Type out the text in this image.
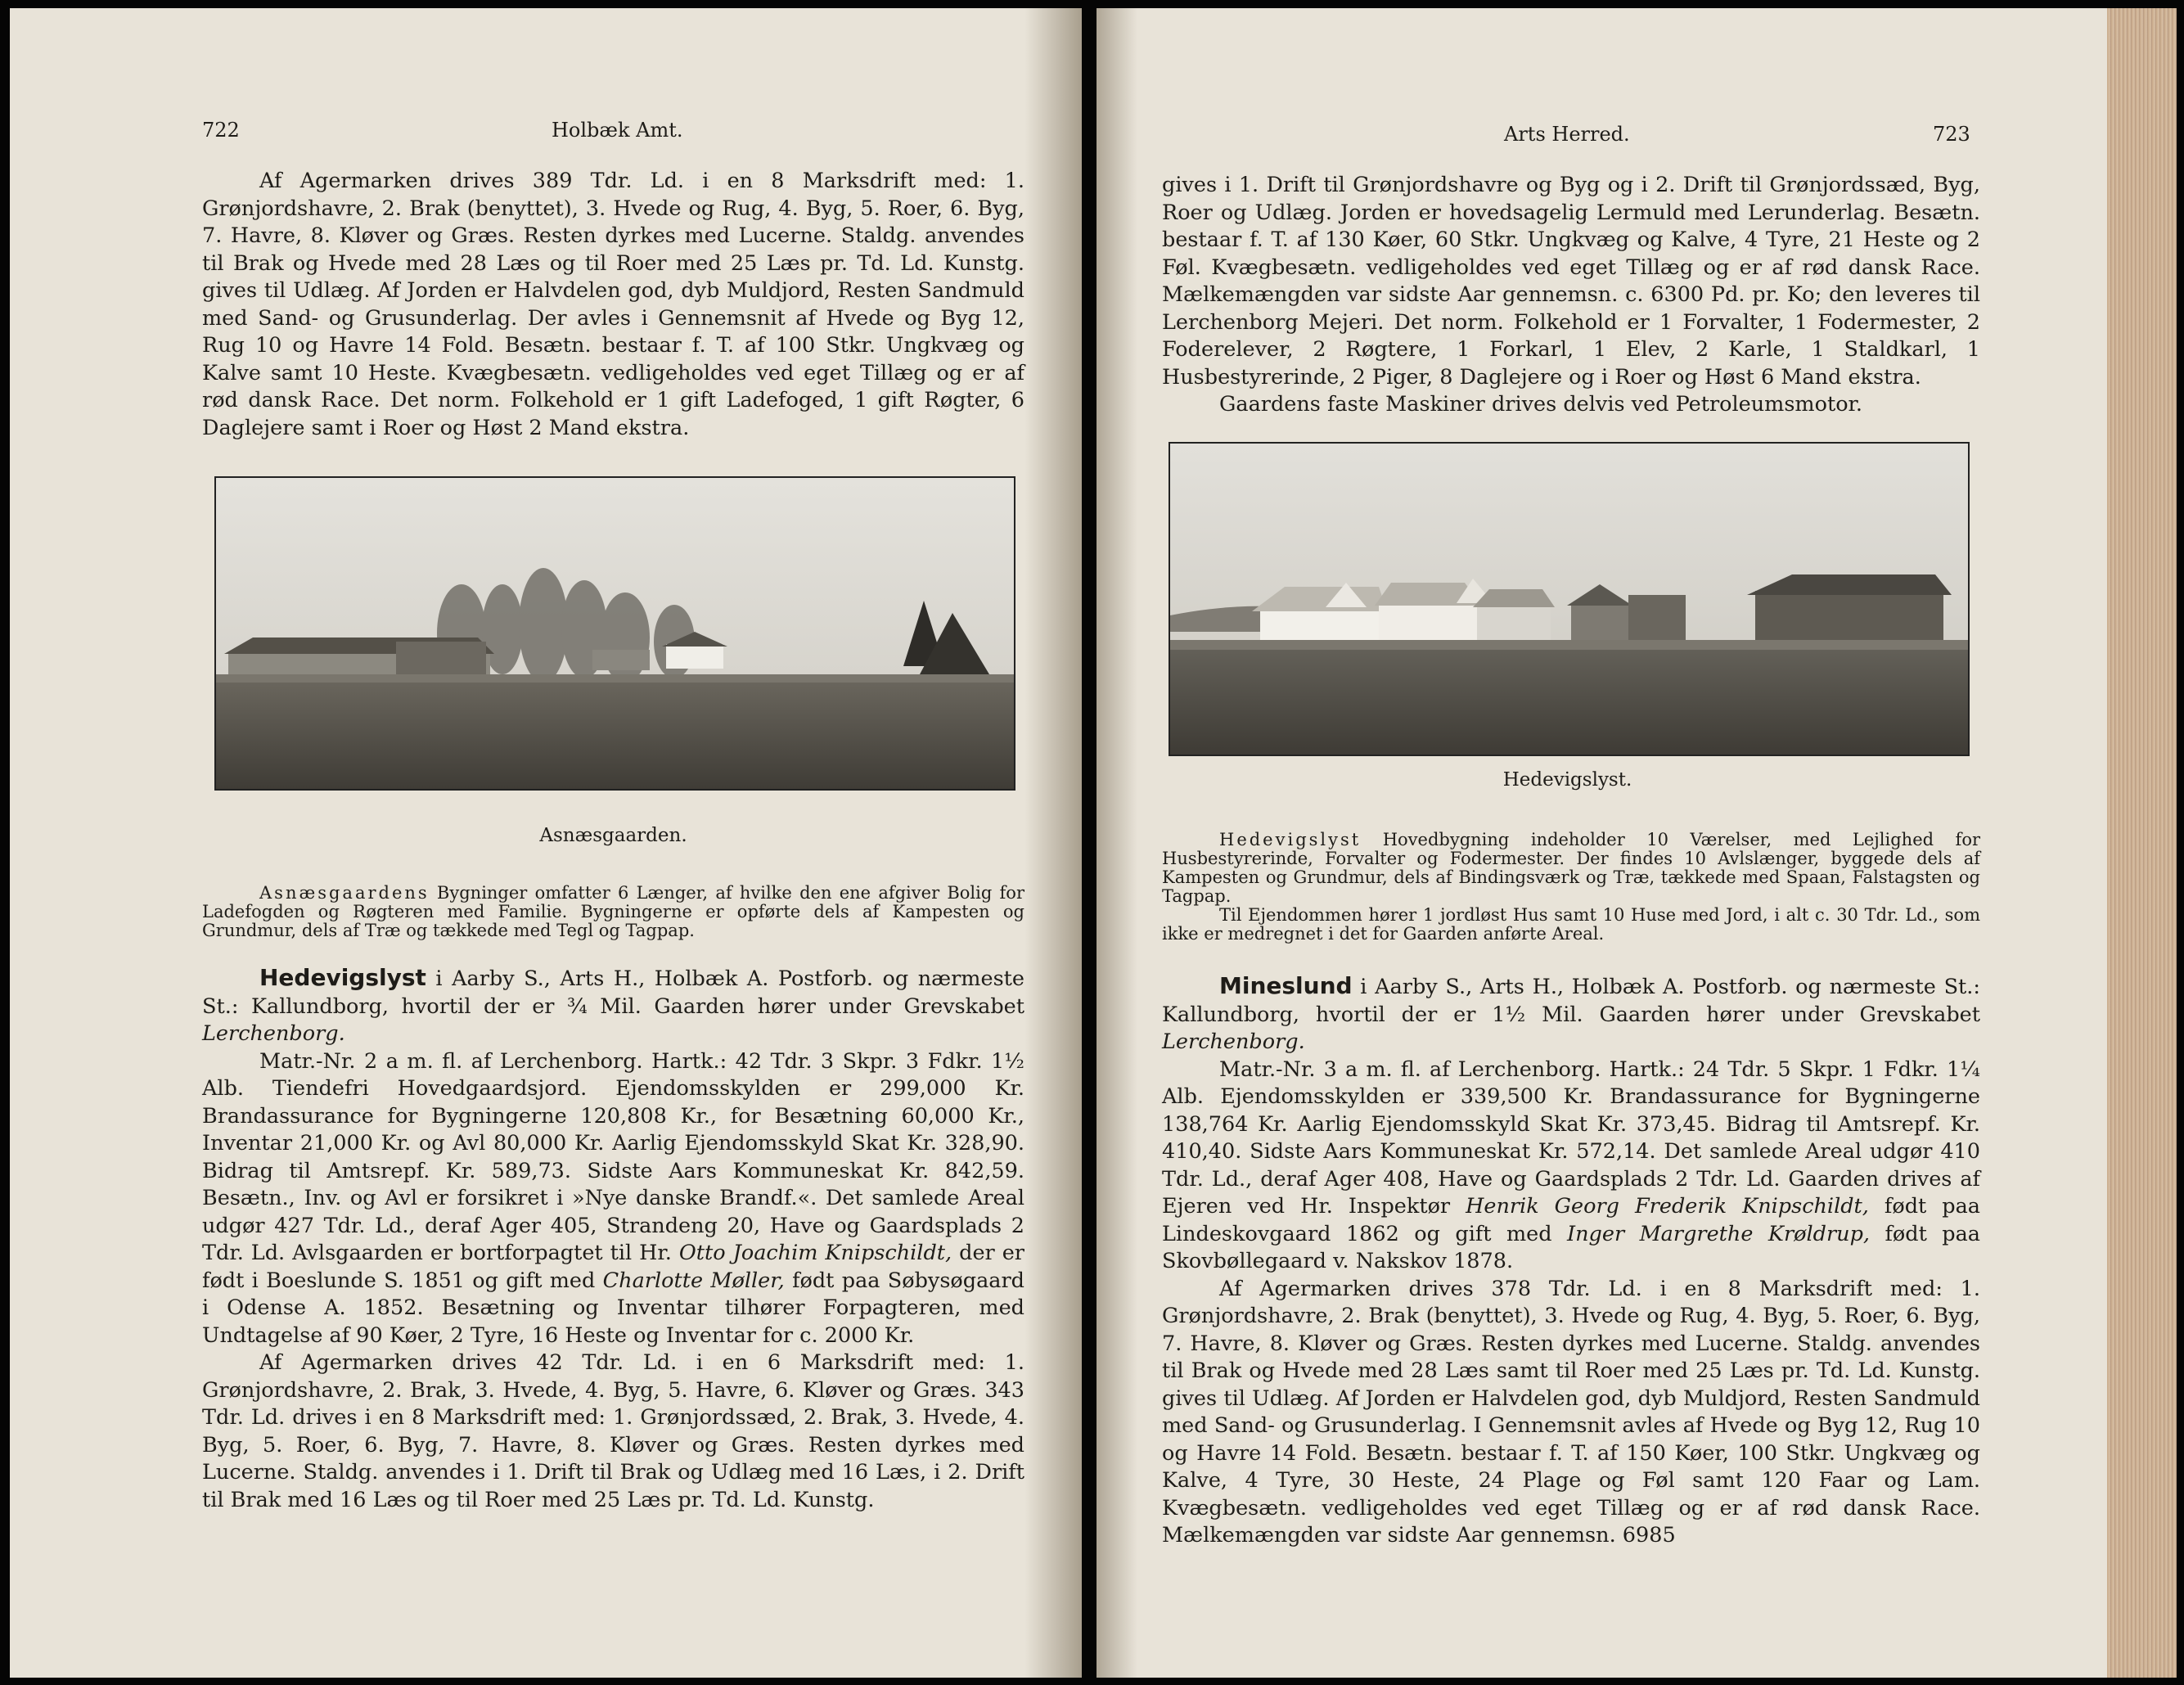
722	Holbæk Amt.

Af Agermarken drives 389 Tdr. Ld. i en 8 Marksdrift med: 1. Grønjordshavre, 2. Brak (benyttet), 3. Hvede og Rug, 4. Byg, 5. Roer, 6. Byg, 7. Havre, 8. Kløver og Græs. Resten dyrkes med Lucerne. Staldg. anvendes til Brak og Hvede med 28 Læs og til Roer med 25 Læs pr. Td. Ld. Kunstg. gives til Udlæg. Af Jorden er Halvdelen god, dyb Muldjord, Resten Sandmuld med Sand- og Grusunderlag. Der avles i Gennemsnit af Hvede og Byg 12, Rug 10 og Havre 14 Fold. Besætn. bestaar f. T. af 100 Stkr. Ungkvæg og Kalve samt 10 Heste. Kvægbesætn. vedligeholdes ved eget Tillæg og er af rød dansk Race. Det norm. Folkehold er 1 gift Ladefoged, 1 gift Røgter, 6 Daglejere samt i Roer og Høst 2 Mand ekstra.

Asnæsgaarden.

Asnæsgaardens Bygninger omfatter 6 Længer, af hvilke den ene afgiver Bolig for Ladefogden og Røgteren med Familie. Bygningerne er opførte dels af Kampesten og Grundmur, dels af Træ og tækkede med Tegl og Tagpap.

Hedevigslyst i Aarby S., Arts H., Holbæk A. Postforb. og nærmeste St.: Kallundborg, hvortil der er ¾ Mil. Gaarden hører under Grevskabet Lerchenborg.

Matr.-Nr. 2 a m. fl. af Lerchenborg. Hartk.: 42 Tdr. 3 Skpr. 3 Fdkr. 1½ Alb. Tiendefri Hovedgaardsjord. Ejendomsskylden er 299,000 Kr. Brandassurance for Bygningerne 120,808 Kr., for Besætning 60,000 Kr., Inventar 21,000 Kr. og Avl 80,000 Kr. Aarlig Ejendomsskyld Skat Kr. 328,90. Bidrag til Amtsrepf. Kr. 589,73. Sidste Aars Kommuneskat Kr. 842,59. Besætn., Inv. og Avl er forsikret i »Nye danske Brandf.«. Det samlede Areal udgør 427 Tdr. Ld., deraf Ager 405, Strandeng 20, Have og Gaardsplads 2 Tdr. Ld. Avlsgaarden er bortforpagtet til Hr. Otto Joachim Knipschildt, der er født i Boeslunde S. 1851 og gift med Charlotte Møller, født paa Søbysøgaard i Odense A. 1852. Besætning og Inventar tilhører Forpagteren, med Undtagelse af 90 Køer, 2 Tyre, 16 Heste og Inventar for c. 2000 Kr.

Af Agermarken drives 42 Tdr. Ld. i en 6 Marksdrift med: 1. Grønjordshavre, 2. Brak, 3. Hvede, 4. Byg, 5. Havre, 6. Kløver og Græs. 343 Tdr. Ld. drives i en 8 Marksdrift med: 1. Grønjordssæd, 2. Brak, 3. Hvede, 4. Byg, 5. Roer, 6. Byg, 7. Havre, 8. Kløver og Græs. Resten dyrkes med Lucerne. Staldg. anvendes i 1. Drift til Brak og Udlæg med 16 Læs, i 2. Drift til Brak med 16 Læs og til Roer med 25 Læs pr. Td. Ld. Kunstg.

Arts Herred.	723

gives i 1. Drift til Grønjordshavre og Byg og i 2. Drift til Grønjordssæd, Byg, Roer og Udlæg. Jorden er hovedsagelig Lermuld med Lerunderlag. Besætn. bestaar f. T. af 130 Køer, 60 Stkr. Ungkvæg og Kalve, 4 Tyre, 21 Heste og 2 Føl. Kvægbesætn. vedligeholdes ved eget Tillæg og er af rød dansk Race. Mælkemængden var sidste Aar gennemsn. c. 6300 Pd. pr. Ko; den leveres til Lerchenborg Mejeri. Det norm. Folkehold er 1 Forvalter, 1 Fodermester, 2 Foderelever, 2 Røgtere, 1 Forkarl, 1 Elev, 2 Karle, 1 Staldkarl, 1 Husbestyrerinde, 2 Piger, 8 Daglejere og i Roer og Høst 6 Mand ekstra.

Gaardens faste Maskiner drives delvis ved Petroleumsmotor.

Hedevigslyst.

Hedevigslyst Hovedbygning indeholder 10 Værelser, med Lejlighed for Husbestyrerinde, Forvalter og Fodermester. Der findes 10 Avlslænger, byggede dels af Kampesten og Grundmur, dels af Bindingsværk og Træ, tækkede med Spaan, Falstagsten og Tagpap.

Til Ejendommen hører 1 jordløst Hus samt 10 Huse med Jord, i alt c. 30 Tdr. Ld., som ikke er medregnet i det for Gaarden anførte Areal.

Mineslund i Aarby S., Arts H., Holbæk A. Postforb. og nærmeste St.: Kallundborg, hvortil der er 1½ Mil. Gaarden hører under Grevskabet Lerchenborg.

Matr.-Nr. 3 a m. fl. af Lerchenborg. Hartk.: 24 Tdr. 5 Skpr. 1 Fdkr. 1¼ Alb. Ejendomsskylden er 339,500 Kr. Brandassurance for Bygningerne 138,764 Kr. Aarlig Ejendomsskyld Skat Kr. 373,45. Bidrag til Amtsrepf. Kr. 410,40. Sidste Aars Kommuneskat Kr. 572,14. Det samlede Areal udgør 410 Tdr. Ld., deraf Ager 408, Have og Gaardsplads 2 Tdr. Ld. Gaarden drives af Ejeren ved Hr. Inspektør Henrik Georg Frederik Knipschildt, født paa Lindeskovgaard 1862 og gift med Inger Margrethe Krøldrup, født paa Skovbøllegaard v. Nakskov 1878.

Af Agermarken drives 378 Tdr. Ld. i en 8 Marksdrift med: 1. Grønjordshavre, 2. Brak (benyttet), 3. Hvede og Rug, 4. Byg, 5. Roer, 6. Byg, 7. Havre, 8. Kløver og Græs. Resten dyrkes med Lucerne. Staldg. anvendes til Brak og Hvede med 28 Læs samt til Roer med 25 Læs pr. Td. Ld. Kunstg. gives til Udlæg. Af Jorden er Halvdelen god, dyb Muldjord, Resten Sandmuld med Sand- og Grusunderlag. I Gennemsnit avles af Hvede og Byg 12, Rug 10 og Havre 14 Fold. Besætn. bestaar f. T. af 150 Køer, 100 Stkr. Ungkvæg og Kalve, 4 Tyre, 30 Heste, 24 Plage og Føl samt 120 Faar og Lam. Kvægbesætn. vedligeholdes ved eget Tillæg og er af rød dansk Race. Mælkemængden var sidste Aar gennemsn. 6985
